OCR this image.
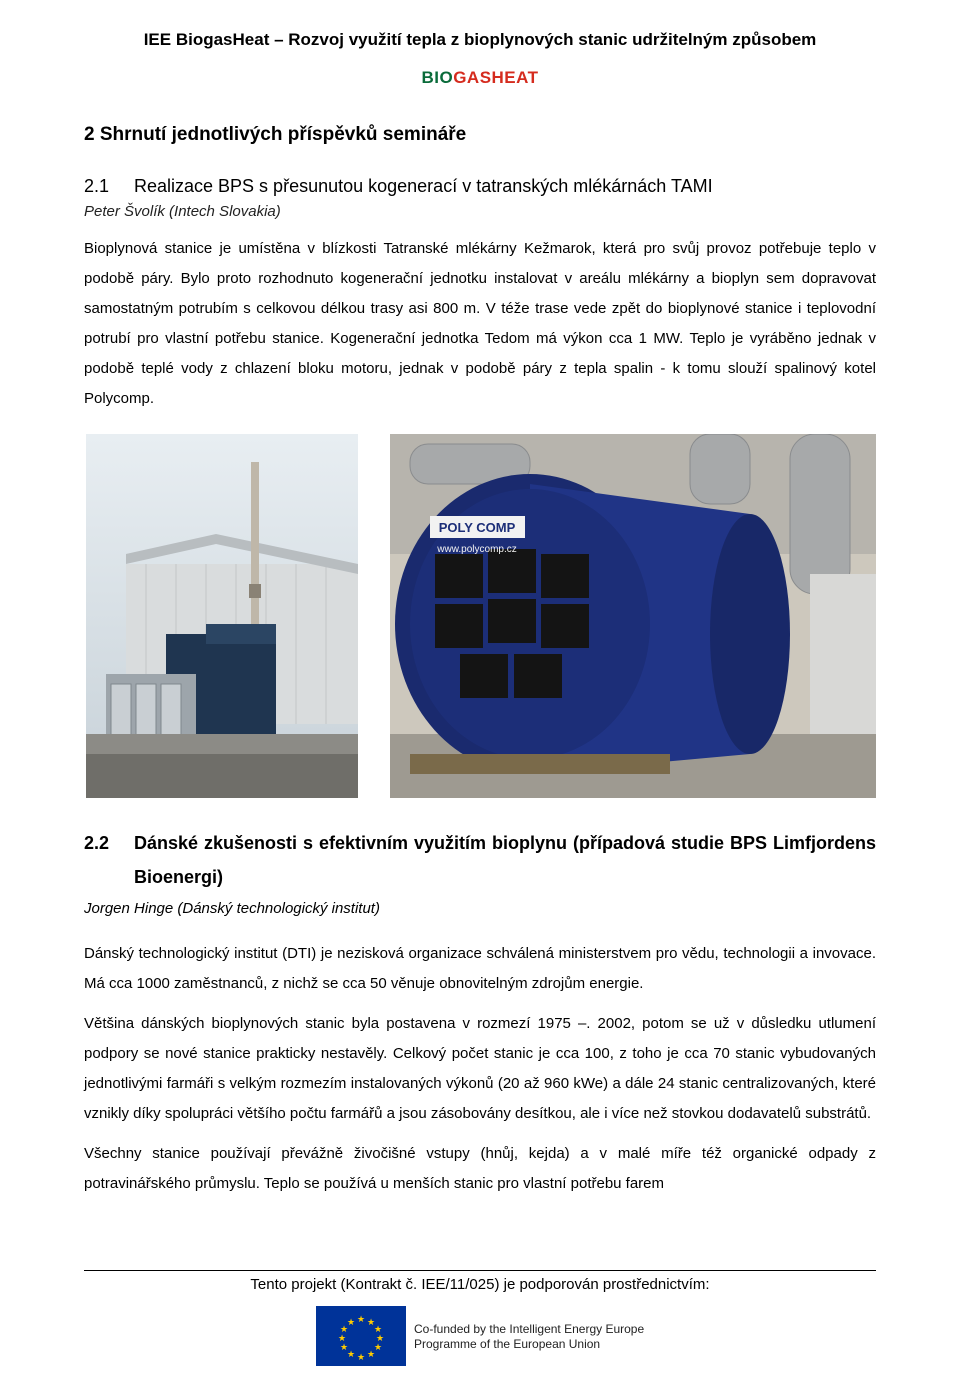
IEE BiogasHeat – Rozvoj využití tepla z bioplynových stanic udržitelným způsobem
BIOGASHEAT
2 Shrnutí jednotlivých příspěvků semináře
2.1	Realizace BPS s přesunutou kogenerací v tatranských mlékárnách TAMI
Peter Švolík (Intech Slovakia)

Bioplynová stanice je umístěna v blízkosti Tatranské mlékárny Kežmarok, která pro svůj provoz potřebuje teplo v podobě páry. Bylo proto rozhodnuto kogenerační jednotku instalovat v areálu mlékárny a bioplyn sem dopravovat samostatným potrubím s celkovou délkou trasy asi 800 m. V téže trase vede zpět do bioplynové stanice i teplovodní potrubí pro vlastní potřebu stanice. Kogenerační jednotka Tedom má výkon cca 1 MW. Teplo je vyráběno jednak v podobě teplé vody z chlazení bloku motoru, jednak v podobě páry z tepla spalin - k tomu slouží spalinový kotel Polycomp.

POLY COMP
www.polycomp.cz
2.2	Dánské zkušenosti s efektivním využitím bioplynu (případová studie BPS Limfjordens Bioenergi)
Jorgen Hinge (Dánský technologický institut)

Dánský technologický institut (DTI) je nezisková organizace schválená ministerstvem pro vědu, technologii a invovace. Má cca 1000 zaměstnanců, z nichž se cca 50 věnuje obnovitelným zdrojům energie.

Většina dánských bioplynových stanic byla postavena v rozmezí 1975 –. 2002, potom se už v důsledku utlumení podpory se nové stanice prakticky nestavěly. Celkový počet stanic je cca 100, z toho je cca 70 stanic vybudovaných jednotlivými farmáři s velkým rozmezím instalovaných výkonů (20 až 960 kWe) a dále 24 stanic centralizovaných, které vznikly díky spolupráci většího počtu farmářů a jsou zásobovány desítkou, ale i více než stovkou dodavatelů substrátů.

Všechny stanice používají převážně živočišné vstupy (hnůj, kejda) a v malé míře též organické odpady z potravinářského průmyslu. Teplo se používá u menších stanic pro vlastní potřebu farem

Tento projekt (Kontrakt č. IEE/11/025) je podporován prostřednictvím:
★ ★
★
★
★
★
★
★
★
★
★
★	Co-funded by the Intelligent Energy Europe
Programme of the European Union
